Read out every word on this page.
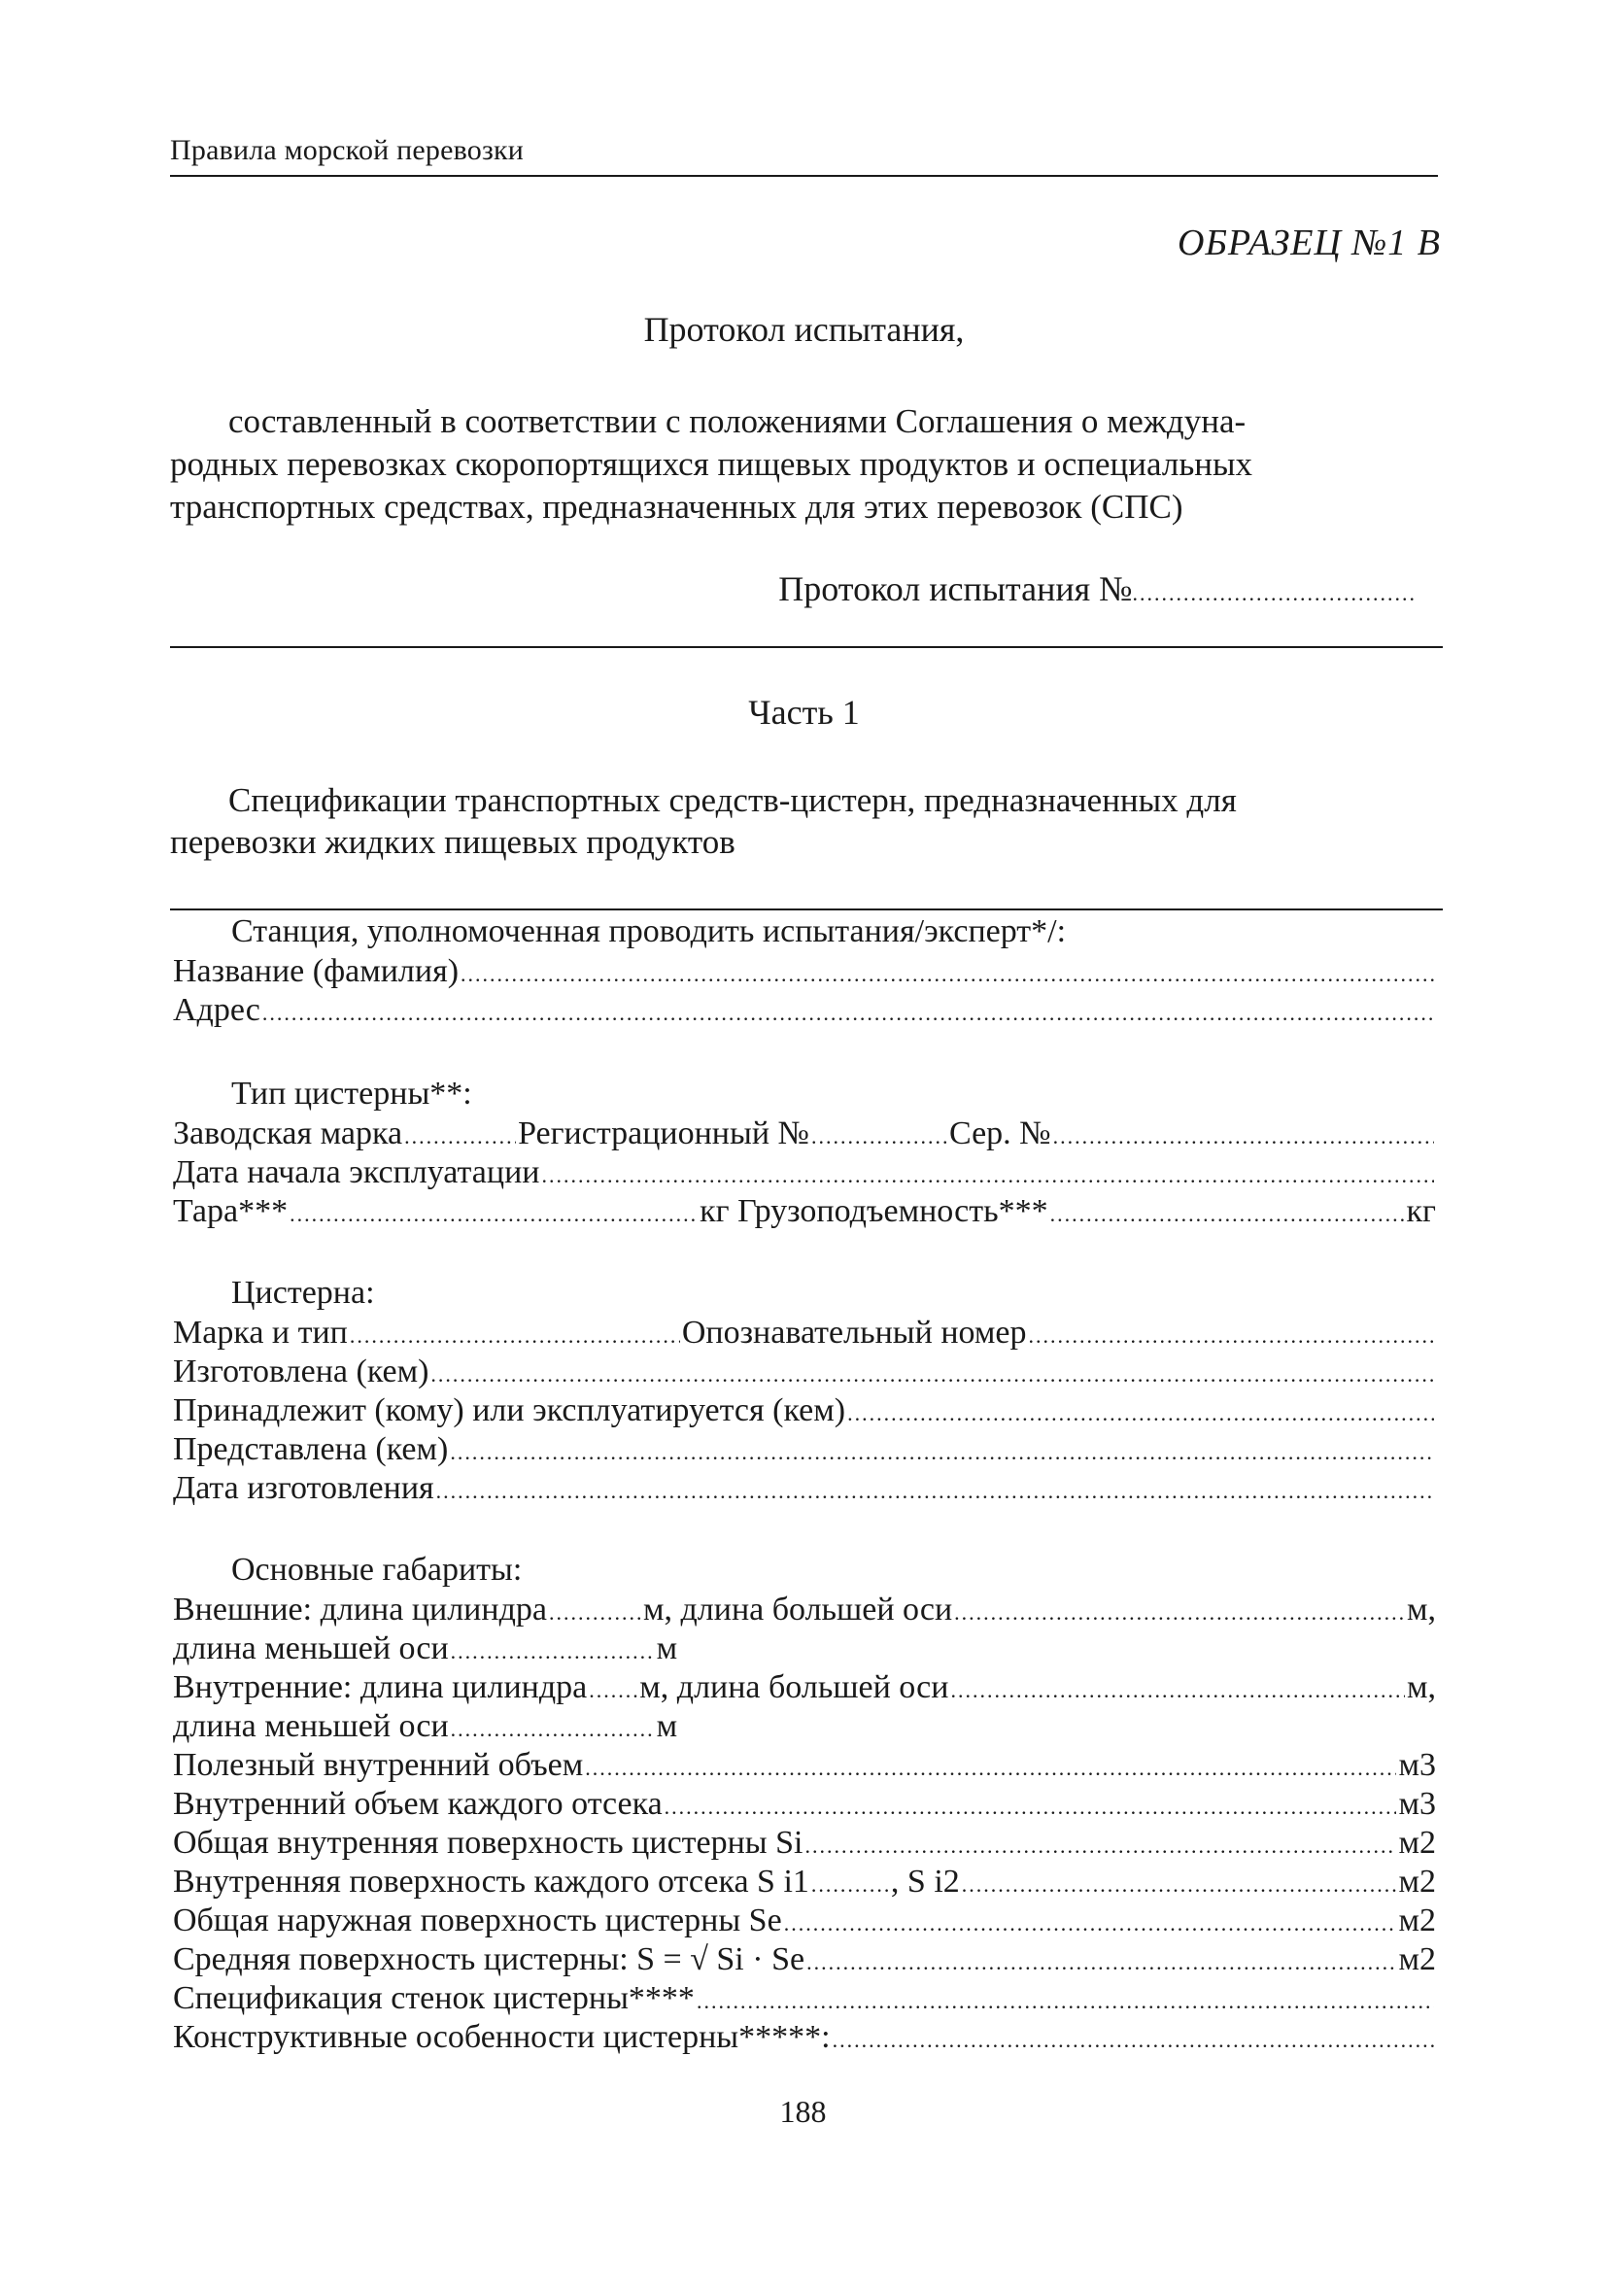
Правила морской перевозки
ОБРАЗЕЦ №1 В
Протокол испытания,
составленный в соответствии с положениями Соглашения о междуна-
родных перевозках скоропортящихся пищевых продуктов и оспециальных
транспортных средствах, предназначенных для этих перевозок (СПС)
Протокол испытания №.......................................
Часть 1
Спецификации транспортных средств-цистерн, предназначенных для
перевозки жидких пищевых продуктов
Станция, уполномоченная проводить испытания/эксперт*/:
Название (фамилия)
.....
Адрес
.....
Тип цистерны**:
Заводская марка .....	Регистрационный № .....	Сер. №
.....
Дата начала эксплуатации
.....
Тара*** .....	кг
Грузоподъемность*** .....	кг
Цистерна:
Марка и тип .....	Опознавательный номер
.....
Изготовлена (кем)
.....
Принадлежит (кому) или эксплуатируется (кем)
.....
Представлена (кем)
.....
Дата изготовления
.....
Основные габариты:
Внешние: длина цилиндра .....	м, длина большей оси .....	м,
длина меньшей оси .....	м
Внутренние: длина цилиндра ..... м, длина большей оси .....	м,
длина меньшей оси .....	м
Полезный внутренний объем .....	м3
Внутренний объем каждого отсека .....	м3
Общая внутренняя поверхность цистерны Si .....	м2
Внутренняя поверхность каждого отсека S i1 ..... , S i2 .....	м2
Общая наружная поверхность цистерны Se .....	м2
Средняя поверхность цистерны: S = √ Si · Se .....	м2
Спецификация стенок цистерны****
.....
Конструктивные особенности цистерны*****:
.....
188
